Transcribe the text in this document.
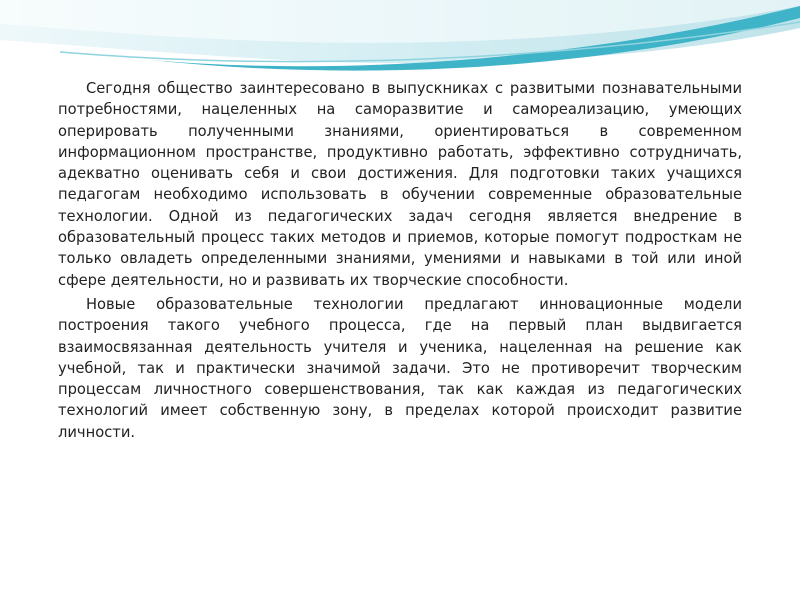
Сегодня общество заинтересовано в выпускниках с развитыми познавательными потребностями, нацеленных на саморазвитие и самореализацию, умеющих оперировать полученными знаниями, ориентироваться в современном информационном пространстве, продуктивно работать, эффективно сотрудничать, адекватно оценивать себя и свои достижения. Для подготовки таких учащихся педагогам необходимо использовать в обучении современные образовательные технологии. Одной из педагогических задач сегодня является внедрение в образовательный процесс таких методов и приемов, которые помогут подросткам не только овладеть определенными знаниями, умениями и навыками в той или иной сфере деятельности, но и развивать их творческие способности.

Новые образовательные технологии предлагают инновационные модели построения такого учебного процесса, где на первый план выдвигается взаимосвязанная деятельность учителя и ученика, нацеленная на решение как учебной, так и практически значимой задачи. Это не противоречит творческим процессам личностного совершенствования, так как каждая из педагогических технологий имеет собственную зону, в пределах которой происходит развитие личности.
